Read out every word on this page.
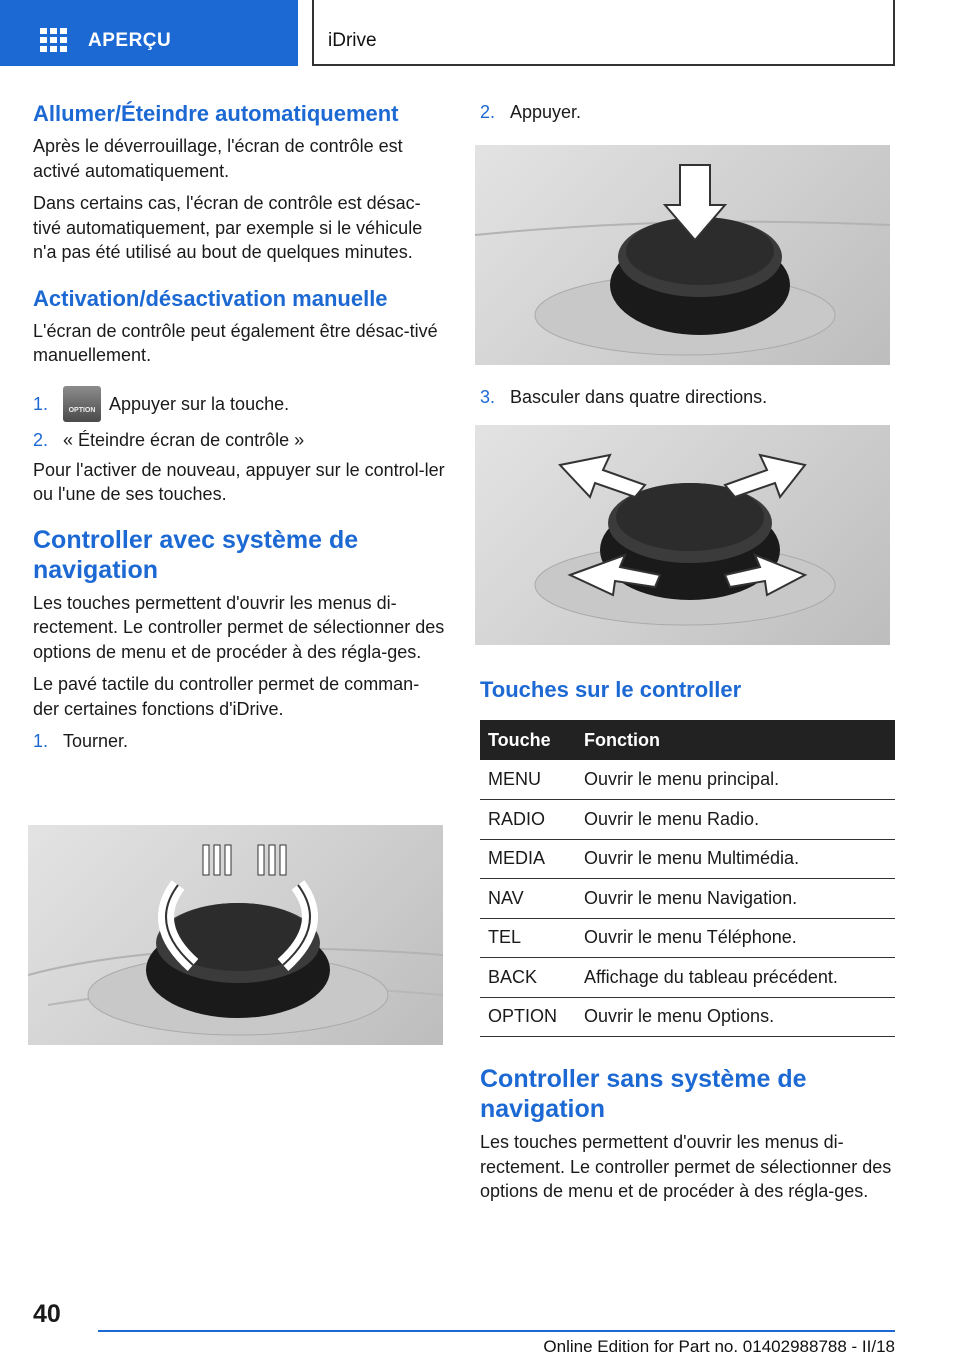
APERÇU	iDrive
Allumer/Éteindre automatiquement

Après le déverrouillage, l'écran de contrôle est activé automatiquement.

Dans certains cas, l'écran de contrôle est désac-tivé automatiquement, par exemple si le véhicule n'a pas été utilisé au bout de quelques minutes.

Activation/désactivation manuelle

L'écran de contrôle peut également être désac-tivé manuellement.

1.	OPTION Appuyer sur la touche.
2. « Éteindre écran de contrôle »

Pour l'activer de nouveau, appuyer sur le control-ler ou l'une de ses touches.

Controller avec système de navigation

Les touches permettent d'ouvrir les menus di-rectement. Le controller permet de sélectionner des options de menu et de procéder à des régla-ges.

Le pavé tactile du controller permet de comman-der certaines fonctions d'iDrive.

1. Tourner.
2. Appuyer.
3. Basculer dans quatre directions.
Touches sur le controller
Touche	Fonction
MENU	Ouvrir le menu principal.
RADIO	Ouvrir le menu Radio.
MEDIA	Ouvrir le menu Multimédia.
NAV	Ouvrir le menu Navigation.
TEL	Ouvrir le menu Téléphone.
BACK	Affichage du tableau précédent.
OPTION	Ouvrir le menu Options.
Controller sans système de navigation

Les touches permettent d'ouvrir les menus di-rectement. Le controller permet de sélectionner des options de menu et de procéder à des régla-ges.

40
Online Edition for Part no. 01402988788 - II/18
